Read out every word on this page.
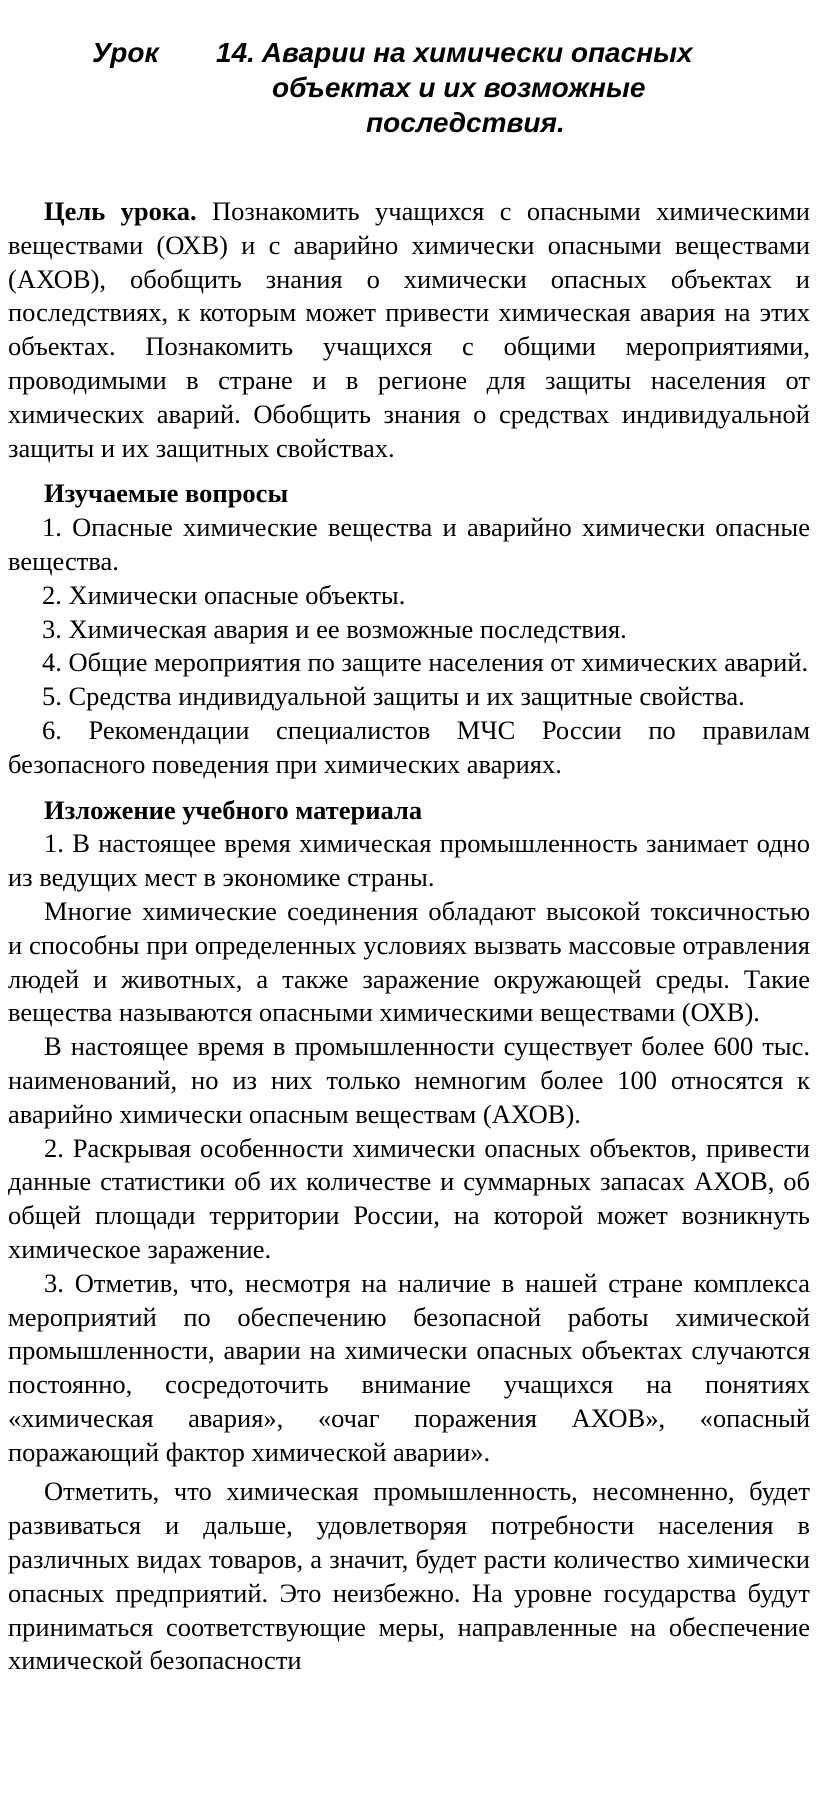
Урок 14. Аварии на химически опасных
объектах и их возможные
последствия.

Цель урока. Познакомить учащихся с опасными химическими веществами (ОХВ) и с аварийно химически опасными веществами (АХОВ), обобщить знания о химически опасных объектах и последствиях, к которым может привести химическая авария на этих объектах. Познакомить учащихся с общими мероприятиями, проводимыми в стране и в регионе для защиты населения от химических аварий. Обобщить знания о средствах индивидуальной защиты и их защитных свойствах.

Изучаемые вопросы

1. Опасные химические вещества и аварийно химически опасные вещества.

2. Химически опасные объекты.

3. Химическая авария и ее возможные последствия.

4. Общие мероприятия по защите населения от химических аварий.

5. Средства индивидуальной защиты и их защитные свойства.

6. Рекомендации специалистов МЧС России по правилам безопасного поведения при химических авариях.

Изложение учебного материала

1. В настоящее время химическая промышленность занимает одно из ведущих мест в экономике страны.

Многие химические соединения обладают высокой токсичностью и способны при определенных условиях вызвать массовые отравления людей и животных, а также заражение окружающей среды. Такие вещества называются опасными химическими веществами (ОХВ).

В настоящее время в промышленности существует более 600 тыс. наименований, но из них только немногим более 100 относятся к аварийно химически опасным веществам (АХОВ).

2. Раскрывая особенности химически опасных объектов, привести данные статистики об их количестве и суммарных запасах АХОВ, об общей площади территории России, на которой может возникнуть химическое заражение.

3. Отметив, что, несмотря на наличие в нашей стране комплекса мероприятий по обеспечению безопасной работы химической промышленности, аварии на химически опасных объектах случаются постоянно, сосредоточить внимание учащихся на понятиях «химическая авария», «очаг поражения АХОВ», «опасный поражающий фактор химической аварии».

Отметить, что химическая промышленность, несомненно, будет развиваться и дальше, удовлетворяя потребности населения в различных видах товаров, а значит, будет расти количество химически опасных предприятий. Это неизбежно. На уровне государства будут приниматься соответствующие меры, направленные на обеспечение химической безопасности
